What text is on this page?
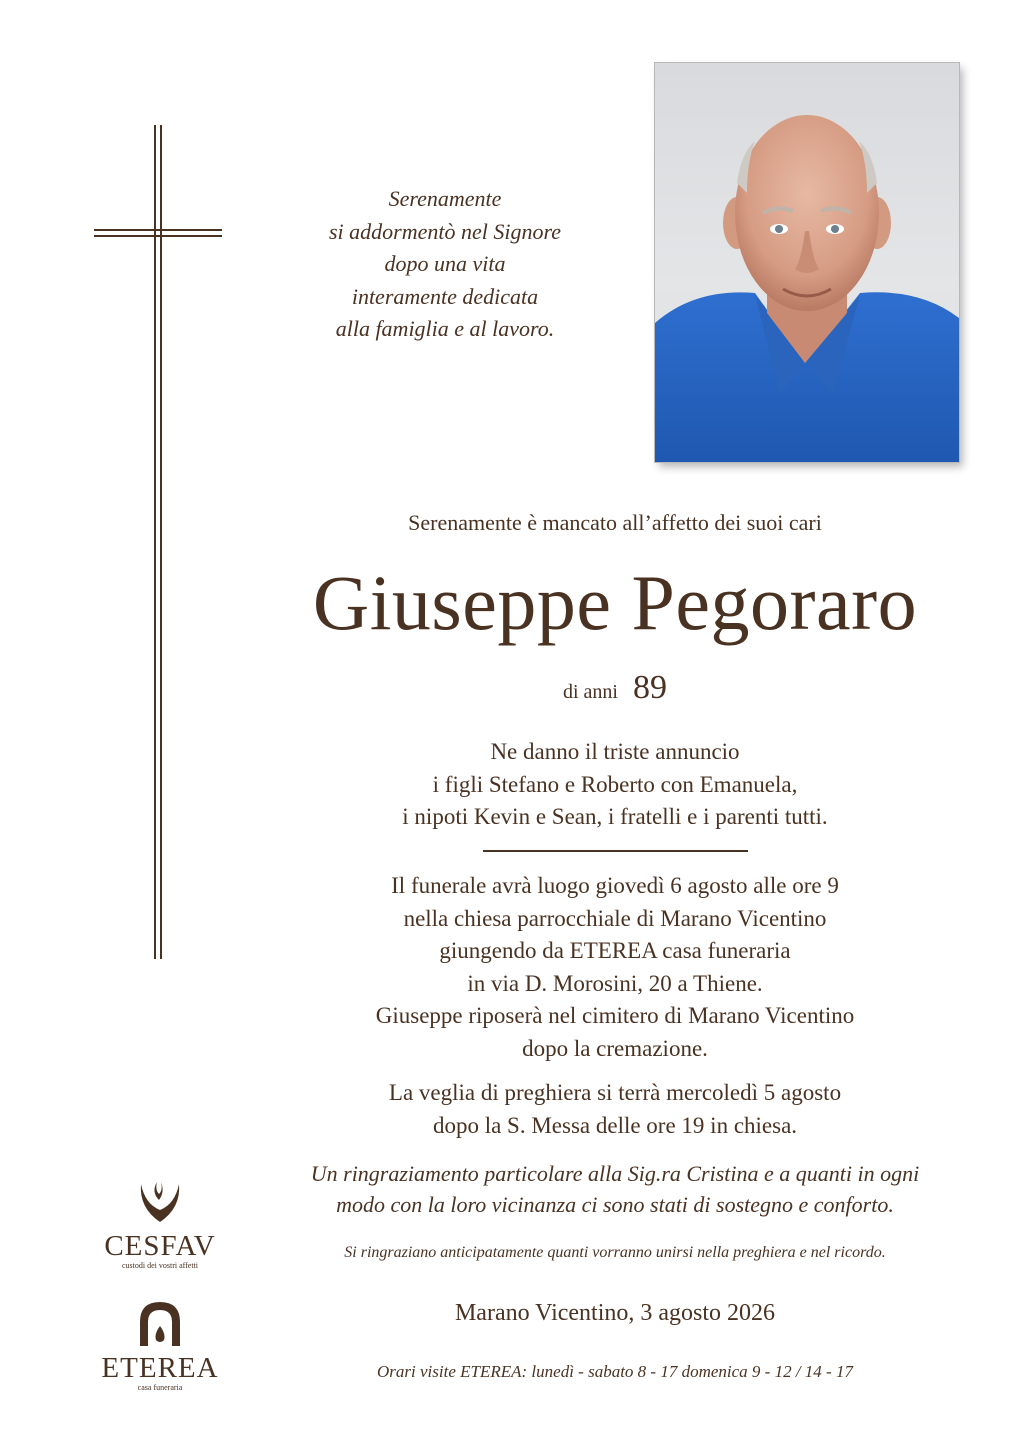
Serenamente
si addormentò nel Signore
dopo una vita
interamente dedicata
alla famiglia e al lavoro.
Serenamente è mancato all’affetto dei suoi cari
Giuseppe Pegoraro
di anni 89
Ne danno il triste annuncio
i figli Stefano e Roberto con Emanuela,
i nipoti Kevin e Sean, i fratelli e i parenti tutti.
Il funerale avrà luogo giovedì 6 agosto alle ore 9
nella chiesa parrocchiale di Marano Vicentino
giungendo da ETEREA casa funeraria
in via D. Morosini, 20 a Thiene.
Giuseppe riposerà nel cimitero di Marano Vicentino
dopo la cremazione.
La veglia di preghiera si terrà mercoledì 5 agosto
dopo la S. Messa delle ore 19 in chiesa.
Un ringraziamento particolare alla Sig.ra Cristina e a quanti in ogni
modo con la loro vicinanza ci sono stati di sostegno e conforto.
Si ringraziano anticipatamente quanti vorranno unirsi nella preghiera e nel ricordo.
Marano Vicentino, 3 agosto 2026
Orari visite ETEREA: lunedì - sabato 8 - 17 domenica 9 - 12 / 14 - 17
CESFAV
custodi dei vostri affetti
ETEREA
casa funeraria
